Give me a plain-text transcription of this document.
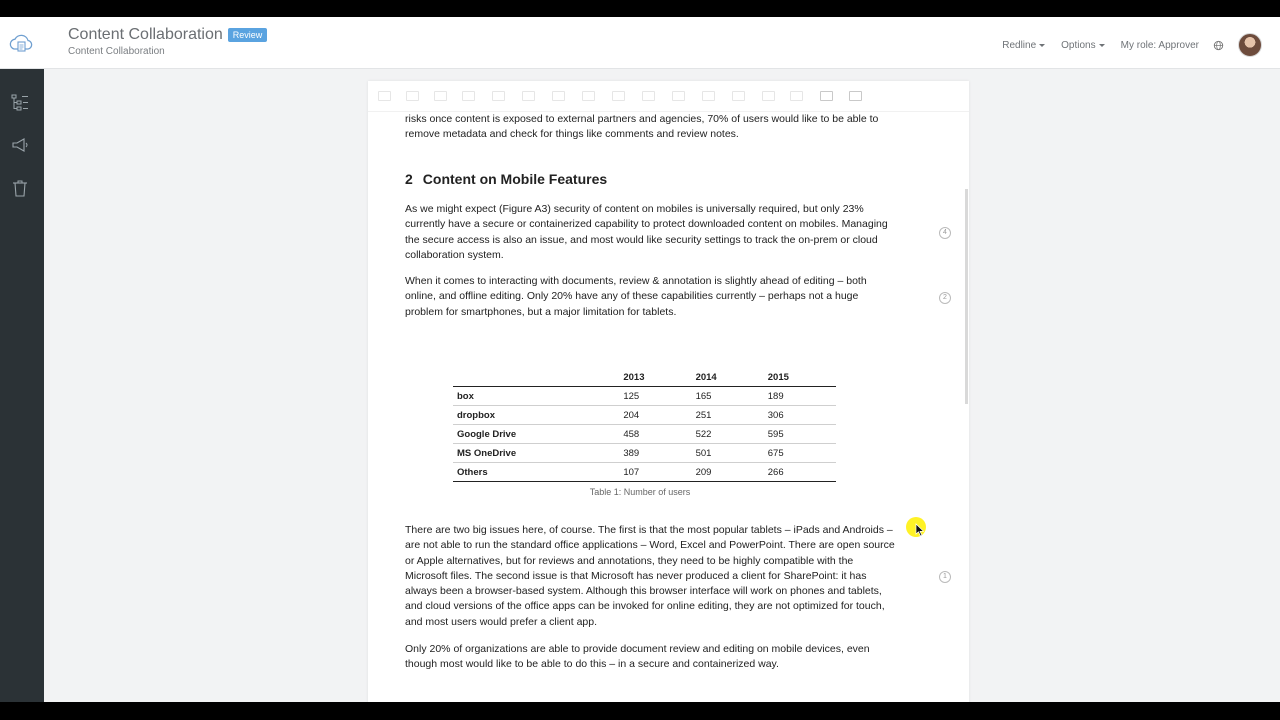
Content Collaboration	Review
Content Collaboration
Redline	Options	My role: Approver

risks once content is exposed to external partners and agencies, 70% of users would like to be able to remove metadata and check for things like comments and review notes.

2 Content on Mobile Features

As we might expect (Figure A3) security of content on mobiles is universally required, but only 23% currently have a secure or containerized capability to protect downloaded content on mobiles. Managing the secure access is also an issue, and most would like security settings to track the on-prem or cloud collaboration system.

When it comes to interacting with documents, review & annotation is slightly ahead of editing – both online, and offline editing. Only 20% have any of these capabilities currently – perhaps not a huge problem for smartphones, but a major limitation for tablets.

	2013	2014	2015
box	125	165	189
dropbox	204	251	306
Google Drive	458	522	595
MS OneDrive	389	501	675
Others	107	209	266
Table 1: Number of users

There are two big issues here, of course. The first is that the most popular tablets – iPads and Androids – are not able to run the standard office applications – Word, Excel and PowerPoint. There are open source or Apple alternatives, but for reviews and annotations, they need to be highly compatible with the Microsoft files. The second issue is that Microsoft has never produced a client for SharePoint: it has always been a browser-based system. Although this browser interface will work on phones and tablets, and cloud versions of the office apps can be invoked for online editing, they are not optimized for touch, and most users would prefer a client app.

Only 20% of organizations are able to provide document review and editing on mobile devices, even though most would like to be able to do this – in a secure and containerized way.

4
2
1
